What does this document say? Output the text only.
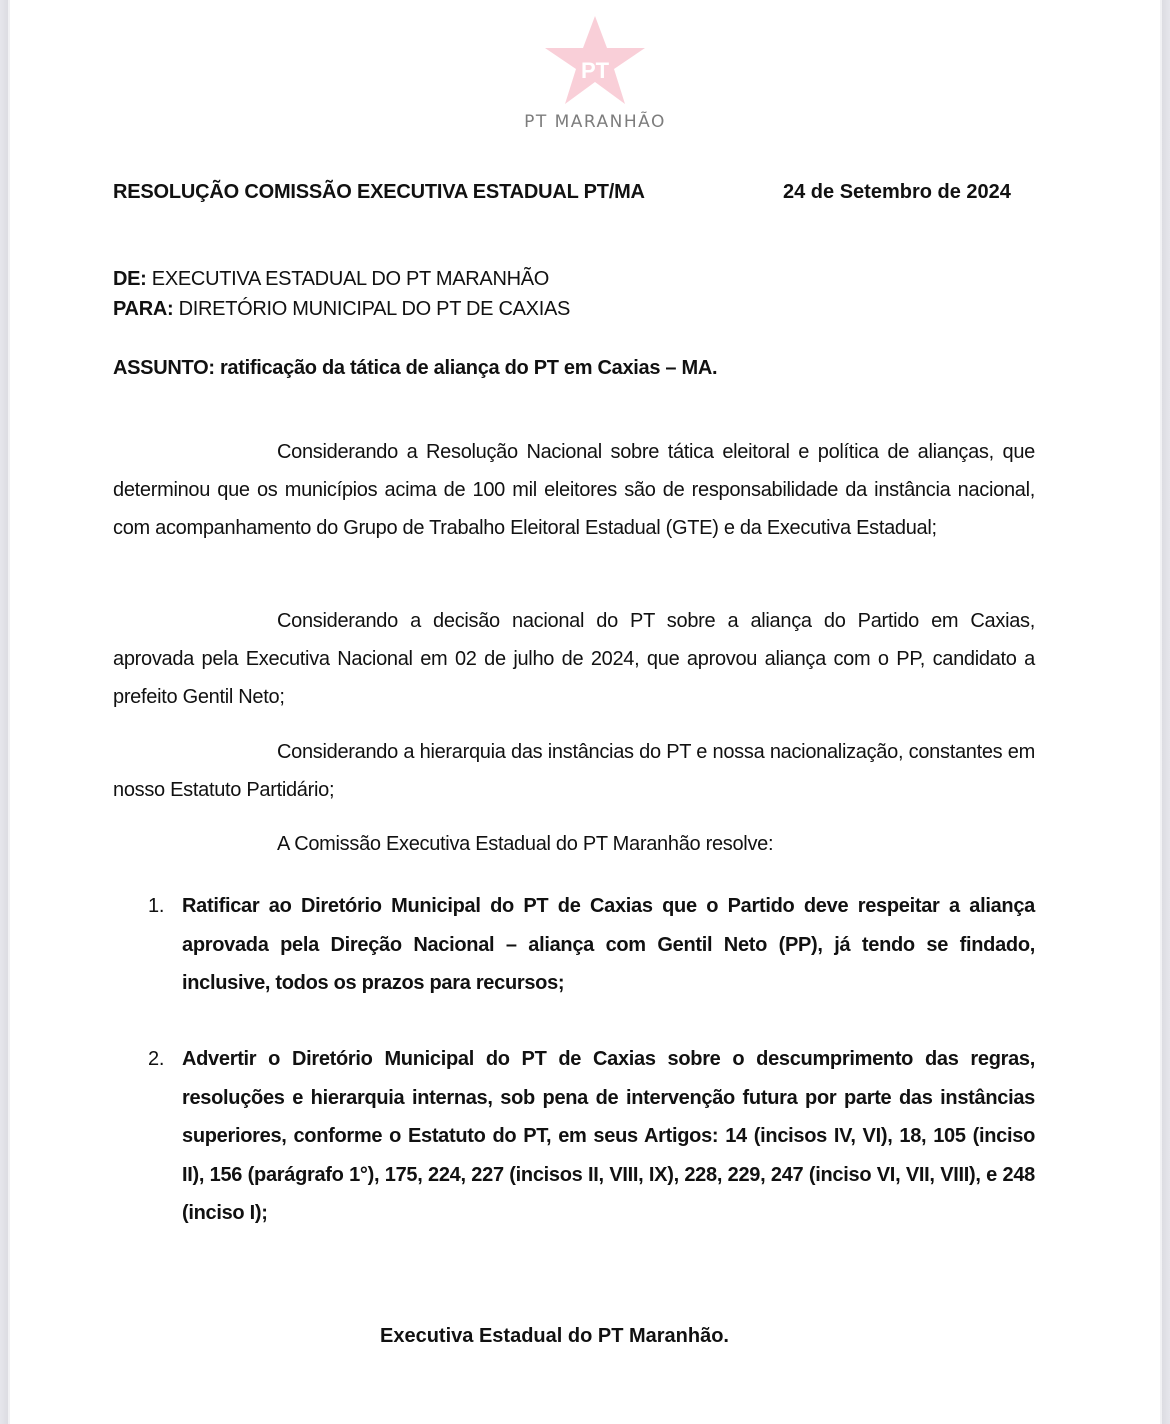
PT
PT MARANHÃO
RESOLUÇÃO COMISSÃO EXECUTIVA ESTADUAL PT/MA	24 de Setembro de 2024
DE: EXECUTIVA ESTADUAL DO PT MARANHÃO
PARA: DIRETÓRIO MUNICIPAL DO PT DE CAXIAS
ASSUNTO: ratificação da tática de aliança do PT em Caxias – MA.
Considerando a Resolução Nacional sobre tática eleitoral e política de alianças, que determinou que os municípios acima de 100 mil eleitores são de responsabilidade da instância nacional, com acompanhamento do Grupo de Trabalho Eleitoral Estadual (GTE) e da Executiva Estadual;
Considerando a decisão nacional do PT sobre a aliança do Partido em Caxias, aprovada pela Executiva Nacional em 02 de julho de 2024, que aprovou aliança com o PP, candidato a prefeito Gentil Neto;
Considerando a hierarquia das instâncias do PT e nossa nacionalização, constantes em nosso Estatuto Partidário;
A Comissão Executiva Estadual do PT Maranhão resolve:
1. Ratificar ao Diretório Municipal do PT de Caxias que o Partido deve respeitar a aliança aprovada pela Direção Nacional – aliança com Gentil Neto (PP), já tendo se findado, inclusive, todos os prazos para recursos;
2. Advertir o Diretório Municipal do PT de Caxias sobre o descumprimento das regras, resoluções e hierarquia internas, sob pena de intervenção futura por parte das instâncias superiores, conforme o Estatuto do PT, em seus Artigos: 14 (incisos IV, VI), 18, 105 (inciso II), 156 (parágrafo 1°), 175, 224, 227 (incisos II, VIII, IX), 228, 229, 247 (inciso VI, VII, VIII), e 248 (inciso I);
Executiva Estadual do PT Maranhão.
